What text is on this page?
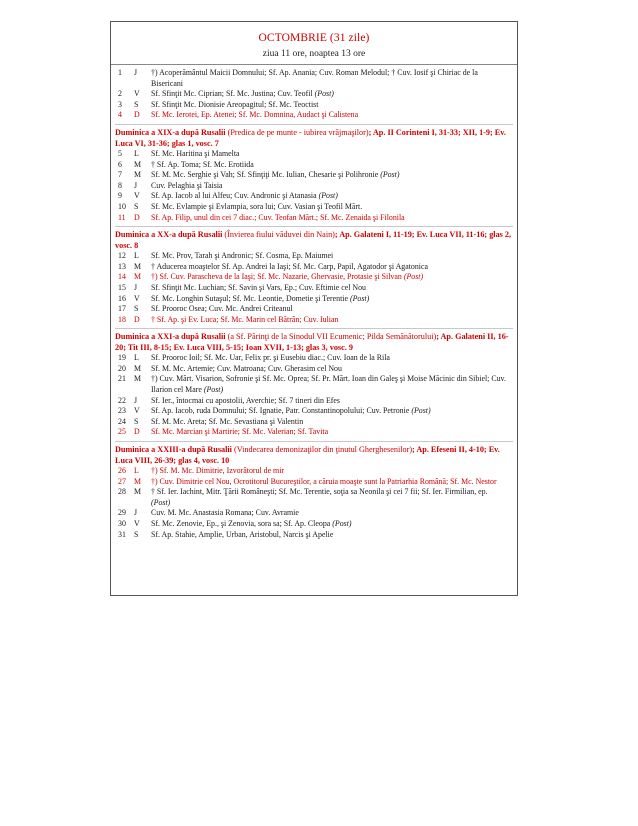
OCTOMBRIE (31 zile)
ziua 11 ore, noaptea 13 ore
1	J	†) Acoperământul Maicii Domnului; Sf. Ap. Anania; Cuv. Roman Melodul; † Cuv. Iosif şi Chiriac de la Bisericani
2	V	Sf. Sfinţit Mc. Ciprian; Sf. Mc. Justina; Cuv. Teofil (Post)
3	S	Sf. Sfinţit Mc. Dionisie Areopagitul; Sf. Mc. Teoctist
4	D	Sf. Mc. Ierotei, Ep. Atenei; Sf. Mc. Domnina, Audact şi Calistena
Duminica a XIX-a după Rusalii (Predica de pe munte - iubirea vrăjmaşilor); Ap. II Corinteni I, 31-33; XII, 1-9; Ev. Luca VI, 31-36; glas 1, vosc. 7
5	L	Sf. Mc. Haritina şi Mamelta
6	M	† Sf. Ap. Toma; Sf. Mc. Erotiida
7	M	Sf. M. Mc. Serghie şi Vah; Sf. Sfinţiţi Mc. Iulian, Chesarie şi Polihronie (Post)
8	J	Cuv. Pelaghia şi Taisia
9	V	Sf. Ap. Iacob al lui Alfeu; Cuv. Andronic şi Atanasia (Post)
10	S	Sf. Mc. Evlampie şi Evlampia, sora lui; Cuv. Vasian şi Teofil Mărt.
11	D	Sf. Ap. Filip, unul din cei 7 diac.; Cuv. Teofan Mărt.; Sf. Mc. Zenaida şi Filonila
Duminica a XX-a după Rusalii (Învierea fiului văduvei din Nain); Ap. Galateni I, 11-19; Ev. Luca VII, 11-16; glas 2, vosc. 8
12	L	Sf. Mc. Prov, Tarah şi Andronic; Sf. Cosma, Ep. Maiumei
13	M	† Aducerea moaştelor Sf. Ap. Andrei la Iaşi; Sf. Mc. Carp, Papil, Agatodor şi Agatonica
14	M	†) Sf. Cuv. Parascheva de la Iaşi; Sf. Mc. Nazarie, Ghervasie, Protasie şi Silvan (Post)
15	J	Sf. Sfinţit Mc. Luchian; Sf. Savin şi Vars, Ep.; Cuv. Eftimie cel Nou
16	V	Sf. Mc. Longhin Sutaşul; Sf. Mc. Leontie, Dometie şi Terentie (Post)
17	S	Sf. Prooroc Osea; Cuv. Mc. Andrei Criteanul
18	D	† Sf. Ap. şi Ev. Luca; Sf. Mc. Marin cel Bătrân; Cuv. Iulian
Duminica a XXI-a după Rusalii (a Sf. Părinţi de la Sinodul VII Ecumenic; Pilda Semănătorului); Ap. Galateni II, 16-20; Tit III, 8-15; Ev. Luca VIII, 5-15; Ioan XVII, 1-13; glas 3, vosc. 9
19	L	Sf. Prooroc Ioil; Sf. Mc. Uar, Felix pr. şi Eusebiu diac.; Cuv. Ioan de la Rila
20	M	Sf. M. Mc. Artemie; Cuv. Matroana; Cuv. Gherasim cel Nou
21	M	†) Cuv. Mărt. Visarion, Sofronie şi Sf. Mc. Oprea; Sf. Pr. Mărt. Ioan din Galeş şi Moise Măcinic din Sibiel; Cuv. Ilarion cel Mare (Post)
22	J	Sf. Ier., întocmai cu apostolii, Averchie; Sf. 7 tineri din Efes
23	V	Sf. Ap. Iacob, ruda Domnului; Sf. Ignatie, Patr. Constantinopolului; Cuv. Petronie (Post)
24	S	Sf. M. Mc. Areta; Sf. Mc. Sevastiana şi Valentin
25	D	Sf. Mc. Marcian şi Martirie; Sf. Mc. Valerian; Sf. Tavita
Duminica a XXIII-a după Rusalii (Vindecarea demonizaţilor din ţinutul Gherghesenilor); Ap. Efeseni II, 4-10; Ev. Luca VIII, 26-39; glas 4, vosc. 10
26	L	†) Sf. M. Mc. Dimitrie, Izvorâtorul de mir
27	M	†) Cuv. Dimitrie cel Nou, Ocrotitorul Bucureştilor, a căruia moaşte sunt la Patriarhia Română; Sf. Mc. Nestor
28	M	† Sf. Ier. Iachint, Mitr. Ţării Româneşti; Sf. Mc. Terentie, soţia sa Neonila şi cei 7 fii; Sf. Ier. Firmilian, ep. (Post)
29	J	Cuv. M. Mc. Anastasia Romana; Cuv. Avramie
30	V	Sf. Mc. Zenovie, Ep., şi Zenovia, sora sa; Sf. Ap. Cleopa (Post)
31	S	Sf. Ap. Stahie, Amplie, Urban, Aristobul, Narcis şi Apelie
